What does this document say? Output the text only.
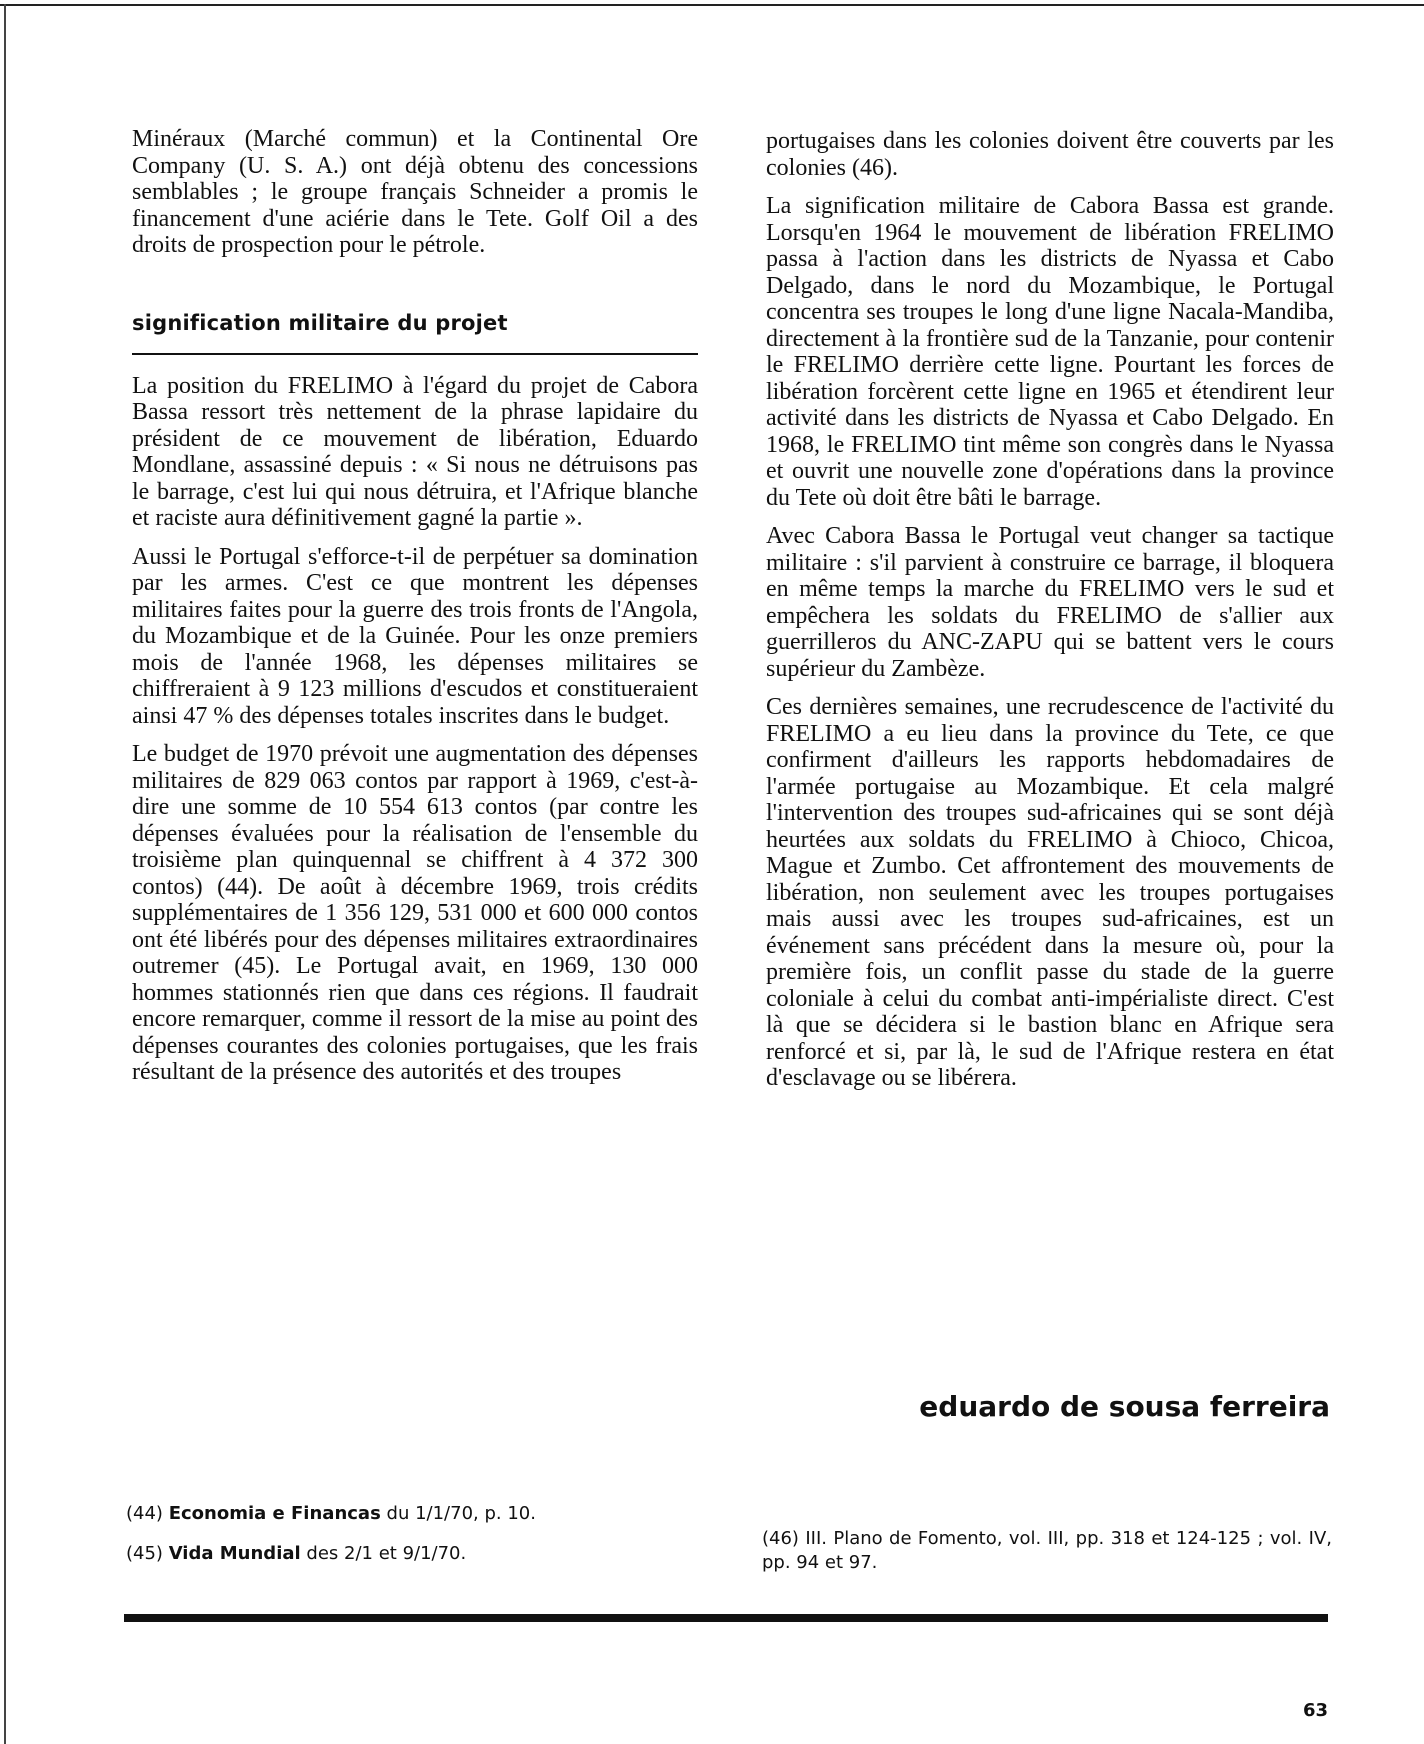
Minéraux (Marché commun) et la Continental Ore Company (U. S. A.) ont déjà obtenu des concessions semblables ; le groupe français Schneider a promis le financement d'une aciérie dans le Tete. Golf Oil a des droits de prospection pour le pétrole.

signification militaire du projet

La position du FRELIMO à l'égard du projet de Cabora Bassa ressort très nettement de la phrase lapidaire du président de ce mouvement de libération, Eduardo Mondlane, assassiné depuis : « Si nous ne détruisons pas le barrage, c'est lui qui nous détruira, et l'Afrique blanche et raciste aura définitivement gagné la partie ».

Aussi le Portugal s'efforce-t-il de perpétuer sa domination par les armes. C'est ce que montrent les dépenses militaires faites pour la guerre des trois fronts de l'Angola, du Mozambique et de la Guinée. Pour les onze premiers mois de l'année 1968, les dépenses militaires se chiffreraient à 9 123 millions d'escudos et constitueraient ainsi 47 % des dépenses totales inscrites dans le budget.

Le budget de 1970 prévoit une augmentation des dépenses militaires de 829 063 contos par rapport à 1969, c'est-à-dire une somme de 10 554 613 contos (par contre les dépenses évaluées pour la réalisation de l'ensemble du troisième plan quinquennal se chiffrent à 4 372 300 contos) (44). De août à décembre 1969, trois crédits supplémentaires de 1 356 129, 531 000 et 600 000 contos ont été libérés pour des dépenses militaires extraordinaires outremer (45). Le Portugal avait, en 1969, 130 000 hommes stationnés rien que dans ces régions. Il faudrait encore remarquer, comme il ressort de la mise au point des dépenses courantes des colonies portugaises, que les frais résultant de la présence des autorités et des troupes

portugaises dans les colonies doivent être couverts par les colonies (46).

La signification militaire de Cabora Bassa est grande. Lorsqu'en 1964 le mouvement de libération FRELIMO passa à l'action dans les districts de Nyassa et Cabo Delgado, dans le nord du Mozambique, le Portugal concentra ses troupes le long d'une ligne Nacala-Mandiba, directement à la frontière sud de la Tanzanie, pour contenir le FRELIMO derrière cette ligne. Pourtant les forces de libération forcèrent cette ligne en 1965 et étendirent leur activité dans les districts de Nyassa et Cabo Delgado. En 1968, le FRELIMO tint même son congrès dans le Nyassa et ouvrit une nouvelle zone d'opérations dans la province du Tete où doit être bâti le barrage.

Avec Cabora Bassa le Portugal veut changer sa tactique militaire : s'il parvient à construire ce barrage, il bloquera en même temps la marche du FRELIMO vers le sud et empêchera les soldats du FRELIMO de s'allier aux guerrilleros du ANC-ZAPU qui se battent vers le cours supérieur du Zambèze.

Ces dernières semaines, une recrudescence de l'activité du FRELIMO a eu lieu dans la province du Tete, ce que confirment d'ailleurs les rapports hebdomadaires de l'armée portugaise au Mozambique. Et cela malgré l'intervention des troupes sud-africaines qui se sont déjà heurtées aux soldats du FRELIMO à Chioco, Chicoa, Mague et Zumbo. Cet affrontement des mouvements de libération, non seulement avec les troupes portugaises mais aussi avec les troupes sud-africaines, est un événement sans précédent dans la mesure où, pour la première fois, un conflit passe du stade de la guerre coloniale à celui du combat anti-impérialiste direct. C'est là que se décidera si le bastion blanc en Afrique sera renforcé et si, par là, le sud de l'Afrique restera en état d'esclavage ou se libérera.

eduardo de sousa ferreira

(44) Economia e Financas du 1/1/70, p. 10.

(45) Vida Mundial des 2/1 et 9/1/70.

(46) III. Plano de Fomento, vol. III, pp. 318 et 124-125 ; vol. IV, pp. 94 et 97.

63
